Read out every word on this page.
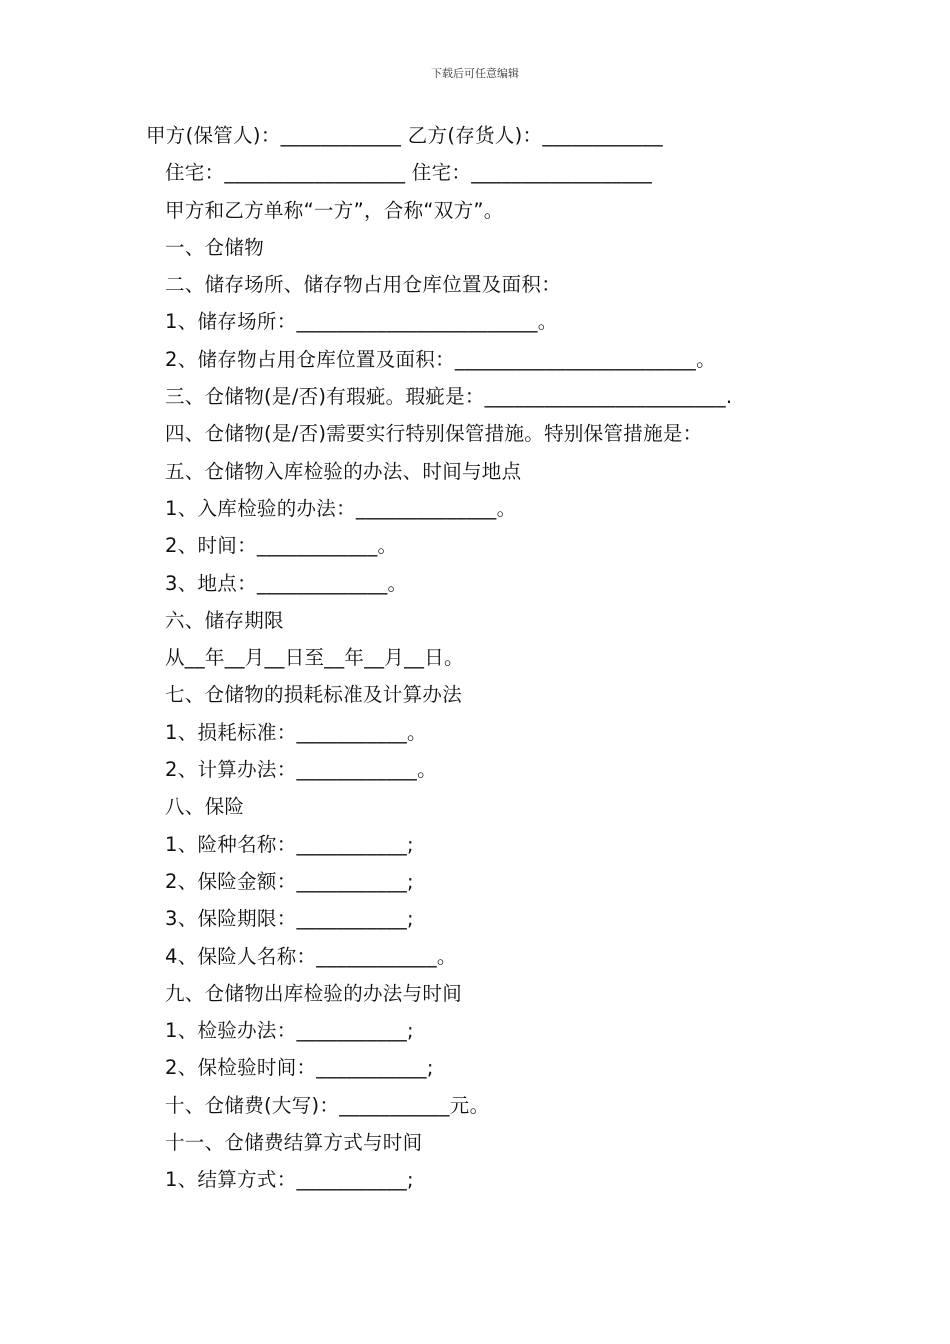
下载后可任意编辑
甲方(保管人)：____________ 乙方(存货人)：____________
住宅：__________________ 住宅：__________________
甲方和乙方单称“一方”，合称“双方”。
一、仓储物
二、储存场所、储存物占用仓库位置及面积：
1、储存场所：________________________。
2、储存物占用仓库位置及面积：________________________。
三、仓储物(是/否)有瑕疵。瑕疵是：________________________.
四、仓储物(是/否)需要实行特别保管措施。特别保管措施是：
五、仓储物入库检验的办法、时间与地点
1、入库检验的办法：______________。
2、时间：____________。
3、地点：_____________。
六、储存期限
从__年__月__日至__年__月__日。
七、仓储物的损耗标准及计算办法
1、损耗标准：___________。
2、计算办法：____________。
八、保险
1、险种名称：___________;
2、保险金额：___________;
3、保险期限：___________;
4、保险人名称：____________。
九、仓储物出库检验的办法与时间
1、检验办法：___________;
2、保检验时间：___________;
十、仓储费(大写)：___________元。
十一、仓储费结算方式与时间
1、结算方式：___________;
